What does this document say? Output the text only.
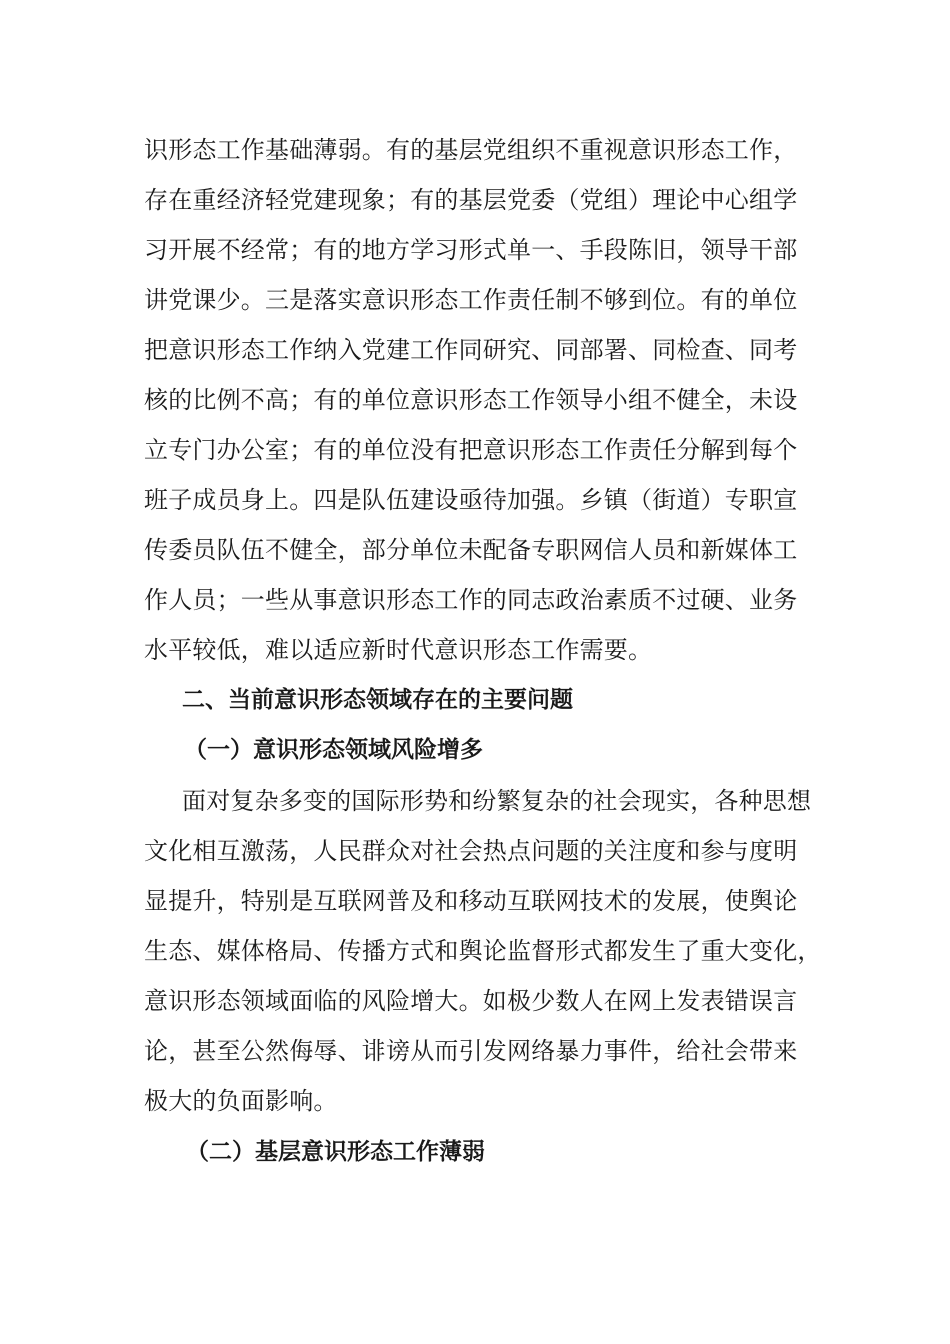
识形态工作基础薄弱。有的基层党组织不重视意识形态工作，
存在重经济轻党建现象；有的基层党委（党组）理论中心组学
习开展不经常；有的地方学习形式单一、手段陈旧，领导干部
讲党课少。三是落实意识形态工作责任制不够到位。有的单位
把意识形态工作纳入党建工作同研究、同部署、同检查、同考
核的比例不高；有的单位意识形态工作领导小组不健全，未设
立专门办公室；有的单位没有把意识形态工作责任分解到每个
班子成员身上。四是队伍建设亟待加强。乡镇（街道）专职宣
传委员队伍不健全，部分单位未配备专职网信人员和新媒体工
作人员；一些从事意识形态工作的同志政治素质不过硬、业务
水平较低，难以适应新时代意识形态工作需要。
二、当前意识形态领域存在的主要问题
（一）意识形态领域风险增多
面对复杂多变的国际形势和纷繁复杂的社会现实，各种思想
文化相互激荡，人民群众对社会热点问题的关注度和参与度明
显提升，特别是互联网普及和移动互联网技术的发展，使舆论
生态、媒体格局、传播方式和舆论监督形式都发生了重大变化，
意识形态领域面临的风险增大。如极少数人在网上发表错误言
论，甚至公然侮辱、诽谤从而引发网络暴力事件，给社会带来
极大的负面影响。
（二）基层意识形态工作薄弱
